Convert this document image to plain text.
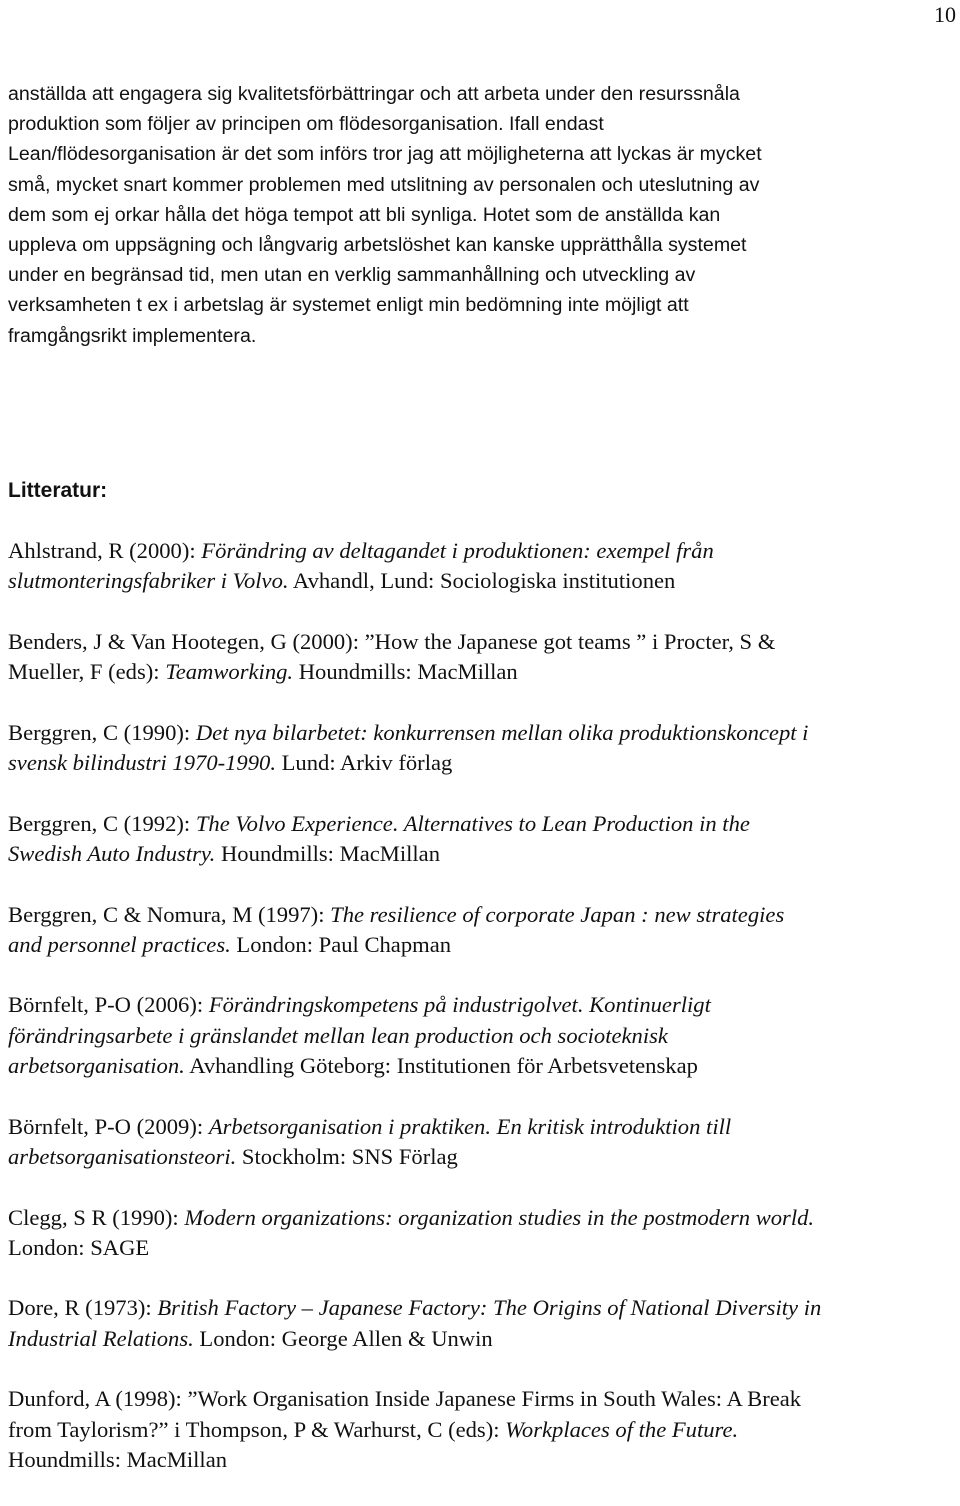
10

anställda att engagera sig kvalitetsförbättringar och att arbeta under den resurssnåla
produktion som följer av principen om flödesorganisation. Ifall endast
Lean/flödesorganisation är det som införs tror jag att möjligheterna att lyckas är mycket
små, mycket snart kommer problemen med utslitning av personalen och uteslutning av
dem som ej orkar hålla det höga tempot att bli synliga. Hotet som de anställda kan
uppleva om uppsägning och långvarig arbetslöshet kan kanske upprätthålla systemet
under en begränsad tid, men utan en verklig sammanhållning och utveckling av
verksamheten t ex i arbetslag är systemet enligt min bedömning inte möjligt att
framgångsrikt implementera.

Litteratur:
Ahlstrand, R (2000): Förändring av deltagandet i produktionen: exempel från
slutmonteringsfabriker i Volvo. Avhandl, Lund: Sociologiska institutionen
Benders, J & Van Hootegen, G (2000): ”How the Japanese got teams ” i Procter, S &
Mueller, F (eds): Teamworking. Houndmills: MacMillan
Berggren, C (1990): Det nya bilarbetet: konkurrensen mellan olika produktionskoncept i
svensk bilindustri 1970-1990. Lund: Arkiv förlag
Berggren, C (1992): The Volvo Experience. Alternatives to Lean Production in the
Swedish Auto Industry. Houndmills: MacMillan
Berggren, C & Nomura, M (1997): The resilience of corporate Japan : new strategies
and personnel practices. London: Paul Chapman
Börnfelt, P-O (2006): Förändringskompetens på industrigolvet. Kontinuerligt
förändringsarbete i gränslandet mellan lean production och socioteknisk
arbetsorganisation. Avhandling Göteborg: Institutionen för Arbetsvetenskap
Börnfelt, P-O (2009): Arbetsorganisation i praktiken. En kritisk introduktion till
arbetsorganisationsteori. Stockholm: SNS Förlag
Clegg, S R (1990): Modern organizations: organization studies in the postmodern world.
London: SAGE
Dore, R (1973): British Factory – Japanese Factory: The Origins of National Diversity in
Industrial Relations. London: George Allen & Unwin
Dunford, A (1998): ”Work Organisation Inside Japanese Firms in South Wales: A Break
from Taylorism?” i Thompson, P & Warhurst, C (eds): Workplaces of the Future.
Houndmills: MacMillan
